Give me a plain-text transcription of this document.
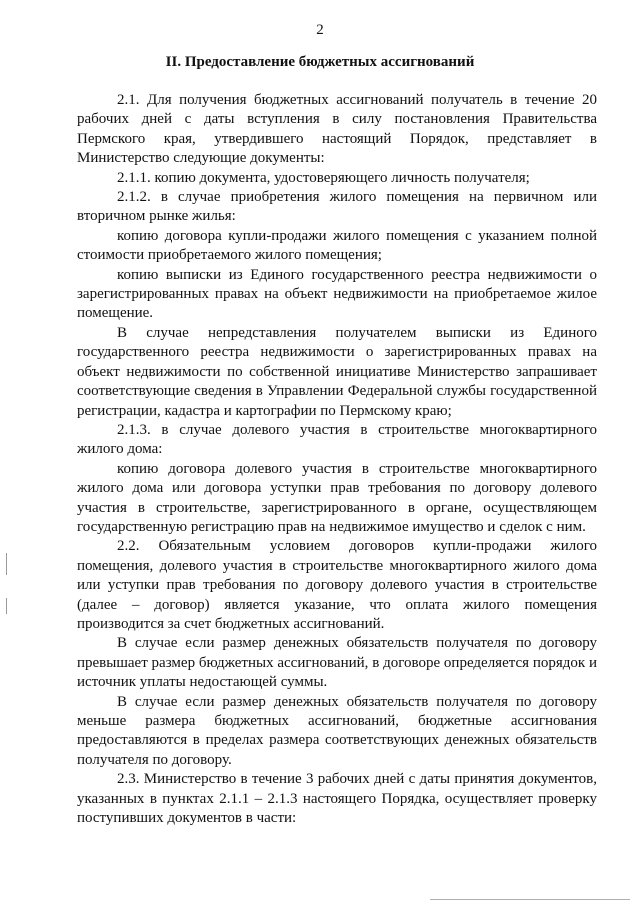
2
II. Предоставление бюджетных ассигнований

2.1. Для получения бюджетных ассигнований получатель в течение 20 рабочих дней с даты вступления в силу постановления Правительства Пермского края, утвердившего настоящий Порядок, представляет в Министерство следующие документы:

2.1.1. копию документа, удостоверяющего личность получателя;

2.1.2. в случае приобретения жилого помещения на первичном или вторичном рынке жилья:

копию договора купли-продажи жилого помещения с указанием полной стоимости приобретаемого жилого помещения;

копию выписки из Единого государственного реестра недвижимости о зарегистрированных правах на объект недвижимости на приобретаемое жилое помещение.

В случае непредставления получателем выписки из Единого государственного реестра недвижимости о зарегистрированных правах на объект недвижимости по собственной инициативе Министерство запрашивает соответствующие сведения в Управлении Федеральной службы государственной регистрации, кадастра и картографии по Пермскому краю;

2.1.3. в случае долевого участия в строительстве многоквартирного жилого дома:

копию договора долевого участия в строительстве многоквартирного жилого дома или договора уступки прав требования по договору долевого участия в строительстве, зарегистрированного в органе, осуществляющем государственную регистрацию прав на недвижимое имущество и сделок с ним.

2.2. Обязательным условием договоров купли-продажи жилого помещения, долевого участия в строительстве многоквартирного жилого дома или уступки прав требования по договору долевого участия в строительстве (далее – договор) является указание, что оплата жилого помещения производится за счет бюджетных ассигнований.

В случае если размер денежных обязательств получателя по договору превышает размер бюджетных ассигнований, в договоре определяется порядок и источник уплаты недостающей суммы.

В случае если размер денежных обязательств получателя по договору меньше размера бюджетных ассигнований, бюджетные ассигнования предоставляются в пределах размера соответствующих денежных обязательств получателя по договору.

2.3. Министерство в течение 3 рабочих дней с даты принятия документов, указанных в пунктах 2.1.1 – 2.1.3 настоящего Порядка, осуществляет проверку поступивших документов в части:
